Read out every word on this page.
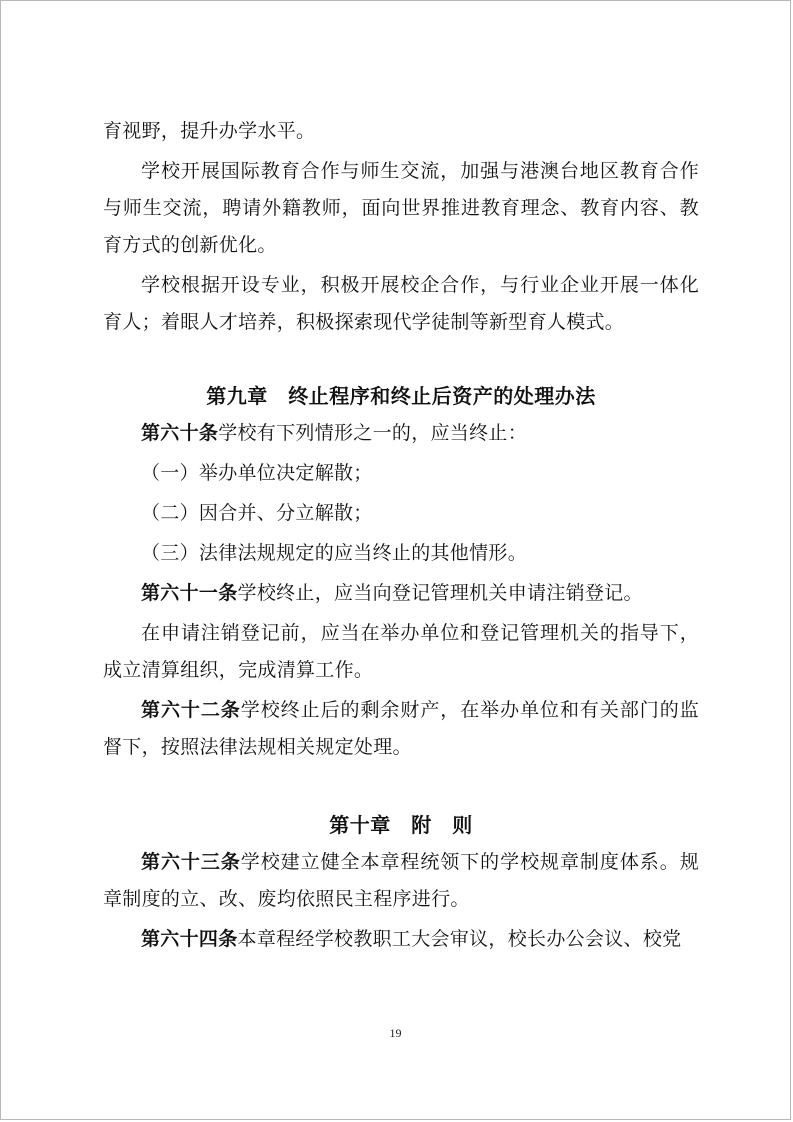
育视野，提升办学水平。

学校开展国际教育合作与师生交流，加强与港澳台地区教育合作与师生交流，聘请外籍教师，面向世界推进教育理念、教育内容、教育方式的创新优化。

学校根据开设专业，积极开展校企合作，与行业企业开展一体化育人；着眼人才培养，积极探索现代学徒制等新型育人模式。

第九章　终止程序和终止后资产的处理办法

第六十条学校有下列情形之一的，应当终止：

（一）举办单位决定解散；

（二）因合并、分立解散；

（三）法律法规规定的应当终止的其他情形。

第六十一条学校终止，应当向登记管理机关申请注销登记。

在申请注销登记前，应当在举办单位和登记管理机关的指导下，成立清算组织，完成清算工作。

第六十二条学校终止后的剩余财产，在举办单位和有关部门的监督下，按照法律法规相关规定处理。

第十章　附　则

第六十三条学校建立健全本章程统领下的学校规章制度体系。规章制度的立、改、废均依照民主程序进行。

第六十四条本章程经学校教职工大会审议，校长办公会议、校党

19
